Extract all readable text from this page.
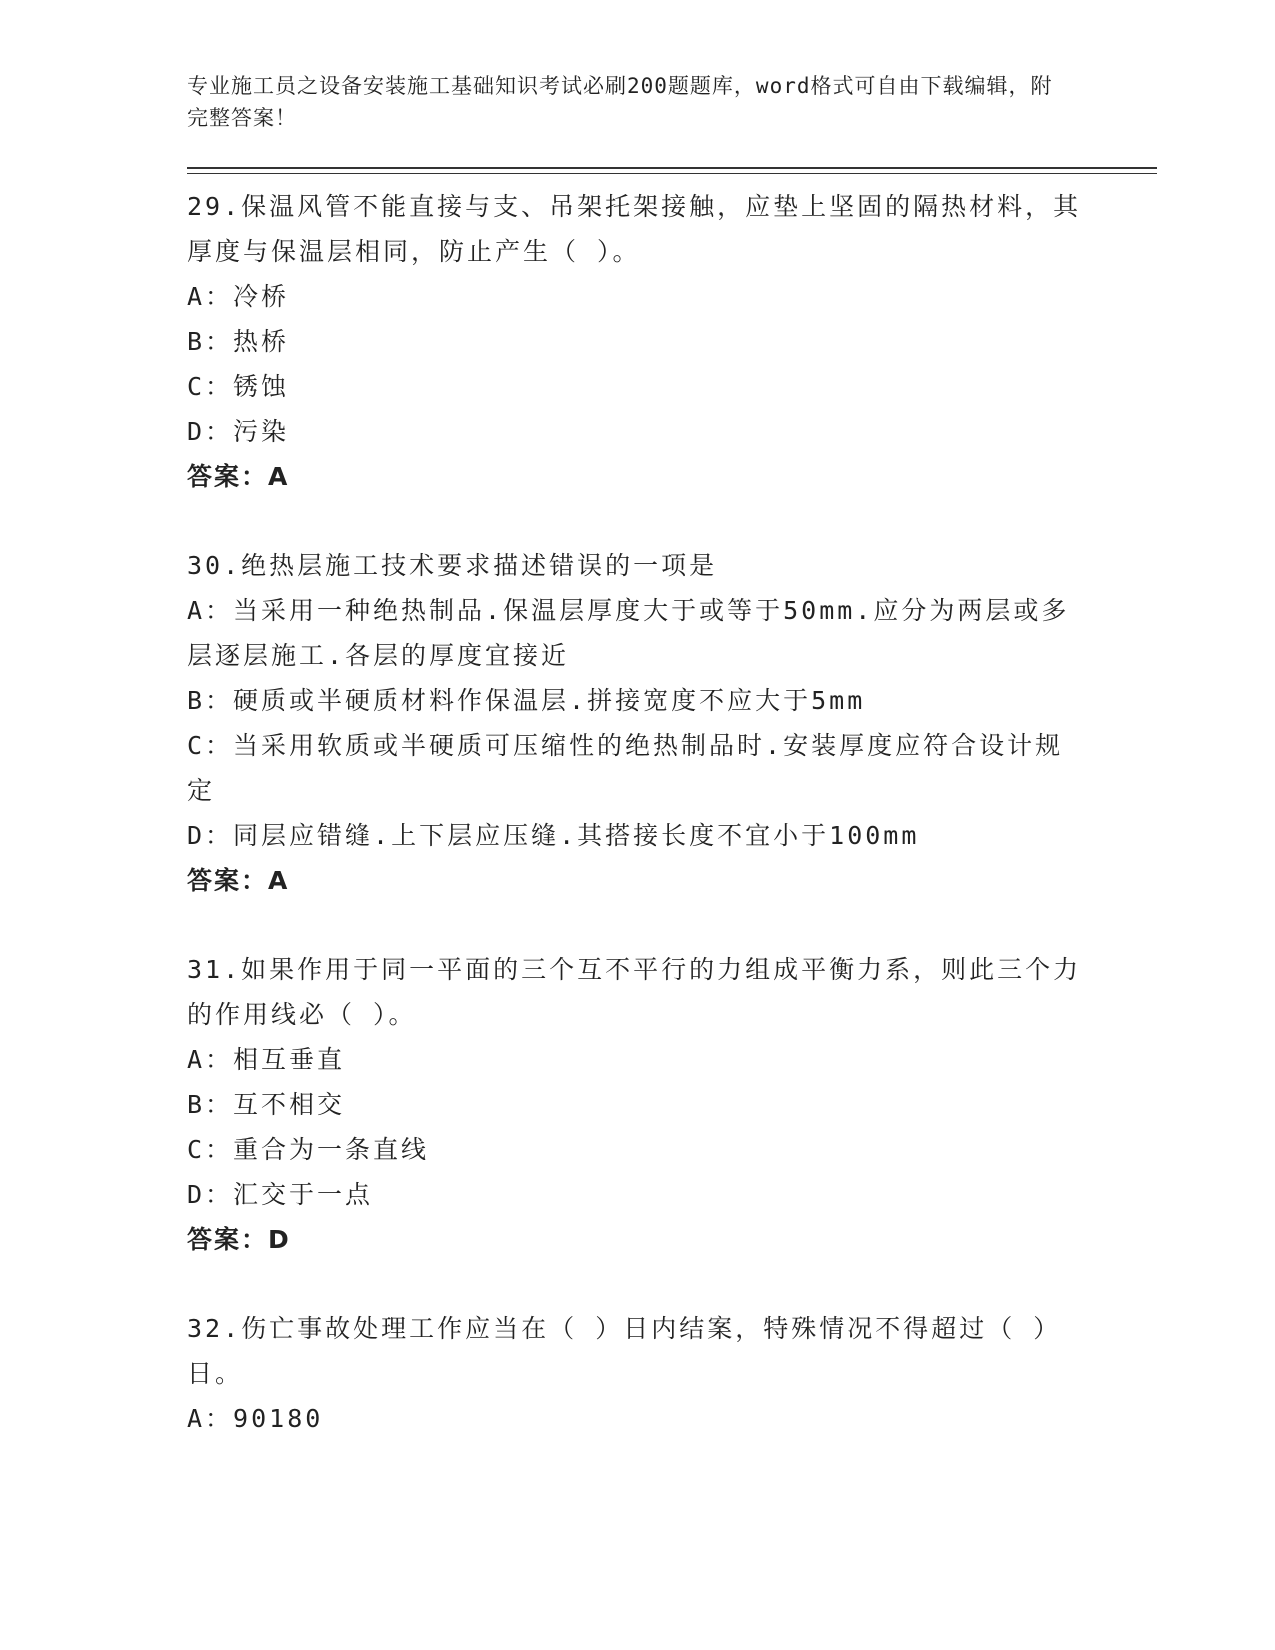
专业施工员之设备安装施工基础知识考试必刷200题题库，word格式可自由下载编辑，附完整答案！
29.保温风管不能直接与支、吊架托架接触，应垫上坚固的隔热材料，其厚度与保温层相同，防止产生（ ）。
A：冷桥
B：热桥
C：锈蚀
D：污染
答案：A
30.绝热层施工技术要求描述错误的一项是
A：当采用一种绝热制品.保温层厚度大于或等于50mm.应分为两层或多层逐层施工.各层的厚度宜接近
B：硬质或半硬质材料作保温层.拼接宽度不应大于5mm
C：当采用软质或半硬质可压缩性的绝热制品时.安装厚度应符合设计规定
D：同层应错缝.上下层应压缝.其搭接长度不宜小于100mm
答案：A
31.如果作用于同一平面的三个互不平行的力组成平衡力系，则此三个力的作用线必（ ）。
A：相互垂直
B：互不相交
C：重合为一条直线
D：汇交于一点
答案：D
32.伤亡事故处理工作应当在（ ）日内结案，特殊情况不得超过（ ）日。
A：90180
